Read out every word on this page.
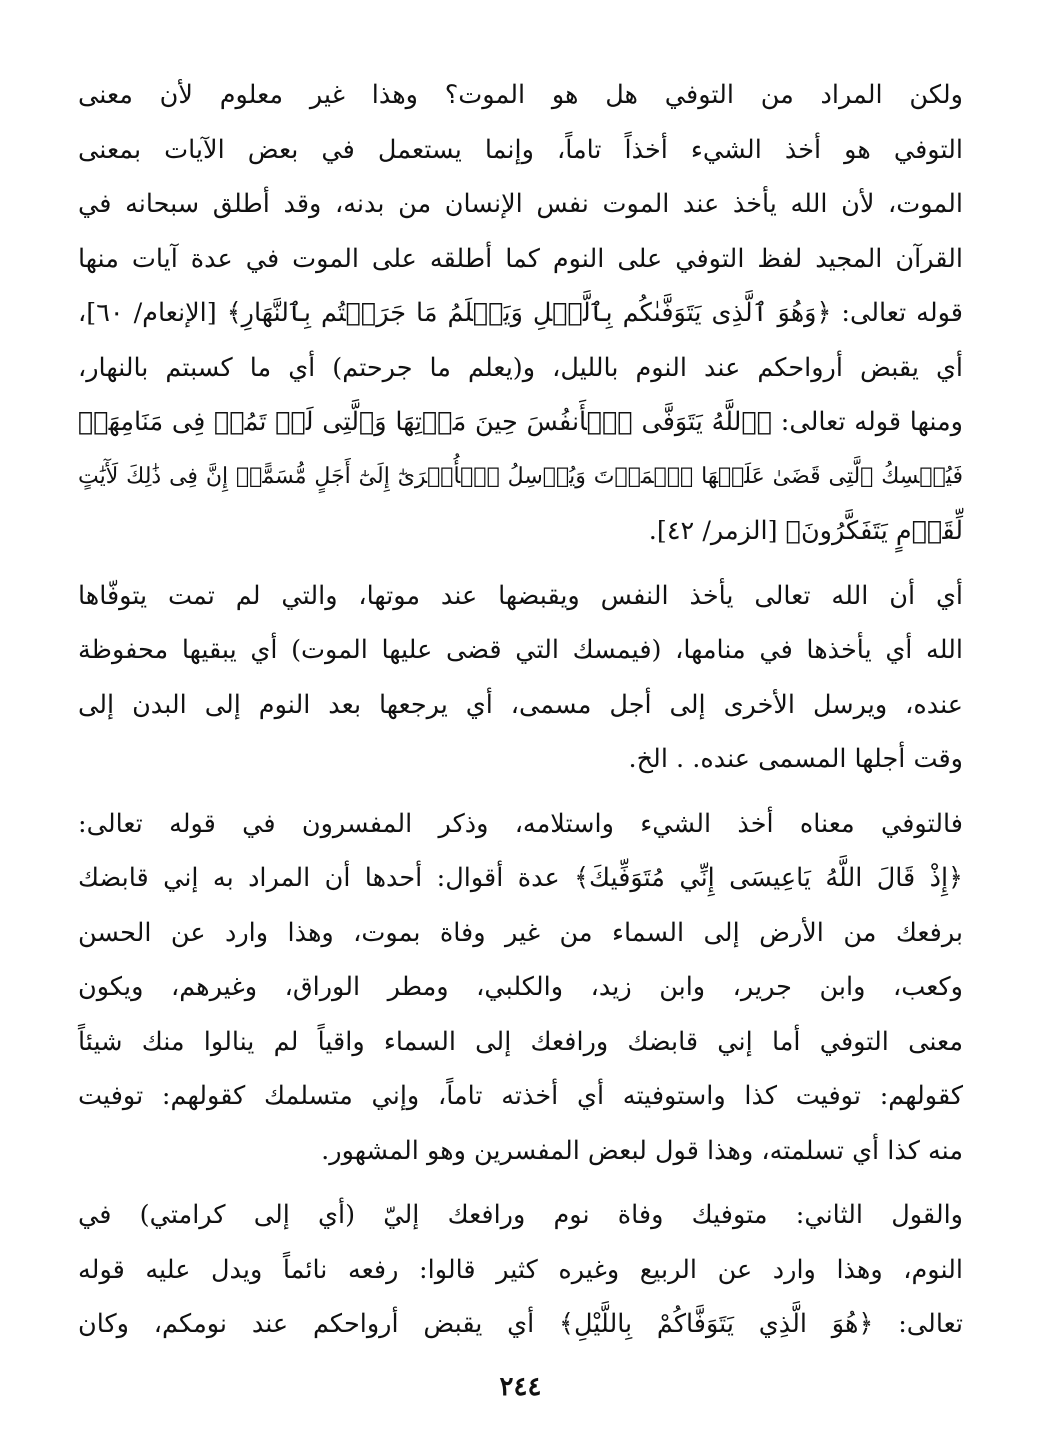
ولكن المراد من التوفي هل هو الموت؟ وهذا غير معلوم لأن معنى
التوفي هو أخذ الشيء أخذاً تاماً، وإنما يستعمل في بعض الآيات بمعنى
الموت، لأن الله يأخذ عند الموت نفس الإنسان من بدنه، وقد أطلق سبحانه في
القرآن المجيد لفظ التوفي على النوم كما أطلقه على الموت في عدة آيات منها
قوله تعالى: ﴿وَهُوَ ٱلَّذِى يَتَوَفَّىٰكُم بِٱلَّيۡلِ وَيَعۡلَمُ مَا جَرَحۡتُم بِٱلنَّهَارِ﴾ [الإنعام/ ٦٠]،
أي يقبض أرواحكم عند النوم بالليل، و(يعلم ما جرحتم) أي ما كسبتم بالنهار،
ومنها قوله تعالى: ﴿ٱللَّهُ يَتَوَفَّى ٱلۡأَنفُسَ حِينَ مَوۡتِهَا وَٱلَّتِى لَمۡ تَمُتۡ فِى مَنَامِهَاۖ
فَيُمۡسِكُ ٱلَّتِى قَضَىٰ عَلَيۡهَا ٱلۡمَوۡتَ وَيُرۡسِلُ ٱلۡأُخۡرَىٰٓ إِلَىٰٓ أَجَلٍ مُّسَمًّىۚ إِنَّ فِى ذَٰلِكَ لَأٓيَٰتٍ
لِّقَوۡمٍ يَتَفَكَّرُونَ﴾ [الزمر/ ٤٢].

أي أن الله تعالى يأخذ النفس ويقبضها عند موتها، والتي لم تمت يتوفّاها
الله أي يأخذها في منامها، (فيمسك التي قضى عليها الموت) أي يبقيها محفوظة
عنده، ويرسل الأخرى إلى أجل مسمى، أي يرجعها بعد النوم إلى البدن إلى
وقت أجلها المسمى عنده. . الخ.

فالتوفي معناه أخذ الشيء واستلامه، وذكر المفسرون في قوله تعالى:
﴿إِذْ قَالَ اللَّهُ يَاعِيسَى إِنِّي مُتَوَفِّيكَ﴾ عدة أقوال: أحدها أن المراد به إني قابضك
برفعك من الأرض إلى السماء من غير وفاة بموت، وهذا وارد عن الحسن
وكعب، وابن جرير، وابن زيد، والكلبي، ومطر الوراق، وغيرهم، ويكون
معنى التوفي أما إني قابضك ورافعك إلى السماء واقياً لم ينالوا منك شيئاً
كقولهم: توفيت كذا واستوفيته أي أخذته تاماً، وإني متسلمك كقولهم: توفيت
منه كذا أي تسلمته، وهذا قول لبعض المفسرين وهو المشهور.

والقول الثاني: متوفيك وفاة نوم ورافعك إليّ (أي إلى كرامتي) في
النوم، وهذا وارد عن الربيع وغيره كثير قالوا: رفعه نائماً ويدل عليه قوله
تعالى: ﴿هُوَ الَّذِي يَتَوَفَّاكُمْ بِاللَّيْلِ﴾ أي يقبض أرواحكم عند نومكم، وكان

٢٤٤
